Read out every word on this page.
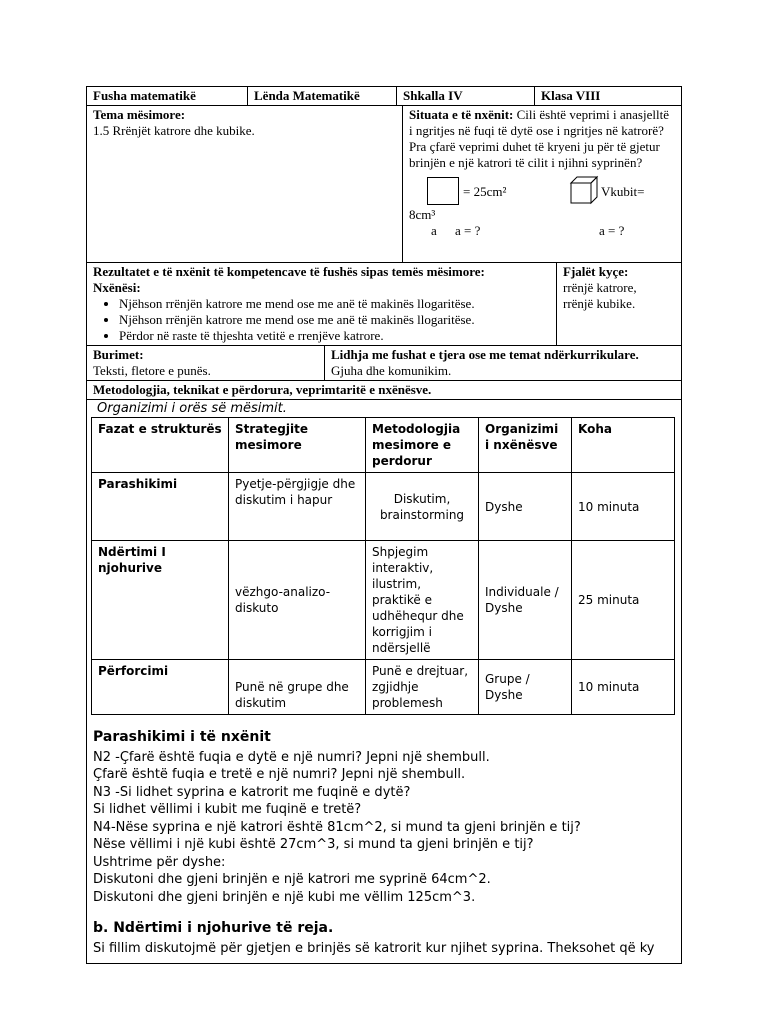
Fusha matematikë	Lënda Matematikë	Shkalla IV	Klasa VIII
Tema mësimore:
1.5 Rrënjët katrore dhe kubike.

Situata e të nxënit: Cili është veprimi i anasjelltë i ngritjes në fuqi të dytë ose i ngritjes në katrorë? Pra çfarë veprimi duhet të kryeni ju për të gjetur brinjën e një katrori të cilit i njihni syprinën?
= 25cm²	Vkubit=
8cm³
a a = ?	a = ?
Rezultatet e të nxënit të kompetencave të fushës sipas temës mësimore:
Nxënësi:
• Njëhson rrënjën katrore me mend ose me anë të makinës llogaritëse.
• Njëhson rrënjën katrore me mend ose me anë të makinës llogaritëse.
• Përdor në raste të thjeshta vetitë e rrenjëve katrore.

Fjalët kyçe:
rrënjë katrore,
rrënjë kubike.
Burimet:
Teksti, fletore e punës.

Lidhja me fushat e tjera ose me temat ndërkurrikulare.
Gjuha dhe komunikim.
Metodologjia, teknikat e përdorura, veprimtaritë e nxënësve.

Organizimi i orës së mësimit.
Fazat e strukturës	Strategjite mesimore	Metodologjia mesimore e perdorur	Organizimi i nxënësve	Koha
Parashikimi	Pyetje-përgjigje dhe diskutim i hapur	Diskutim, brainstorming	Dyshe	10 minuta
Ndërtimi I njohurive	vëzhgo-analizo-diskuto	Shpjegim interaktiv, ilustrim, praktikë e udhëhequr dhe korrigjim i ndërsjellë	Individuale / Dyshe	25 minuta
Përforcimi	Punë në grupe dhe diskutim	Punë e drejtuar, zgjidhje problemesh	Grupe / Dyshe	10 minuta
Parashikimi i të nxënit
N2 -Çfarë është fuqia e dytë e një numri? Jepni një shembull.
Çfarë është fuqia e tretë e një numri? Jepni një shembull.
N3 -Si lidhet syprina e katrorit me fuqinë e dytë?
Si lidhet vëllimi i kubit me fuqinë e tretë?
N4-Nëse syprina e një katrori është 81cm^2, si mund ta gjeni brinjën e tij?
Nëse vëllimi i një kubi është 27cm^3, si mund ta gjeni brinjën e tij?
Ushtrime për dyshe:
Diskutoni dhe gjeni brinjën e një katrori me syprinë 64cm^2.
Diskutoni dhe gjeni brinjën e një kubi me vëllim 125cm^3.
b. Ndërtimi i njohurive të reja.
Si fillim diskutojmë për gjetjen e brinjës së katrorit kur njihet syprina. Theksohet që ky
